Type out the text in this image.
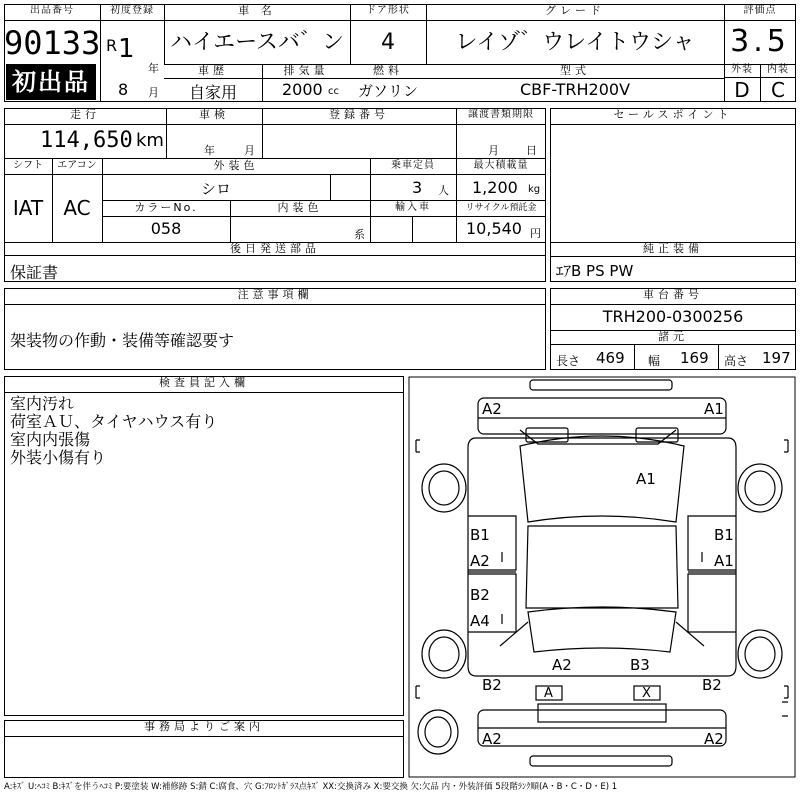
出品番号
90133
初出品
初度登録
R 1
年
8 月
車 名
ハイエースバ゛ン
ドア形状
4
グレード
レイゾ゛ウレイトウシャ
評価点
3.5
外装	内装
D	C
車歴
自家用
排気量
2000 cc
燃料
ガソリン
型式
CBF-TRH200V
走行
114,650 km
車検
年	月
登録番号	譲渡書類期限
月 日
シフト	エアコン
IAT	AC
外装色
シロ
乗車定員
3 人
最大積載量
1,200 kg
カラーNo.
058
内装色
系
輸入車	リサイクル預託金
10,540 円
後日発送部品
保証書
セールスポイント
純正装備
ｴｱB PS PW
注意事項欄
架装物の作動・装備等確認要す
車台番号
TRH200-0300256
諸元
長さ 469 幅 169 高さ 197
検査員記入欄
室内汚れ
荷室ＡＵ、タイヤハウス有り
室内内張傷
外装小傷有り
事務局よりご案内
A2	A1
A1
B1
A2
B1
A1
B2
A4
A2	B3
B2	B2
A	X
A2	A2
A:ｷｽﾞ U:ﾍｺﾐ B:ｷｽﾞを伴うﾍｺﾐ P:要塗装 W:補修跡 S:錆 C:腐食、穴 G:ﾌﾛﾝﾄｶﾞﾗｽ点ｷｽﾞ XX:交換済み X:要交換 欠:欠品 内・外装評価 5段階ﾗﾝｸ順(A・B・C・D・E) 1
